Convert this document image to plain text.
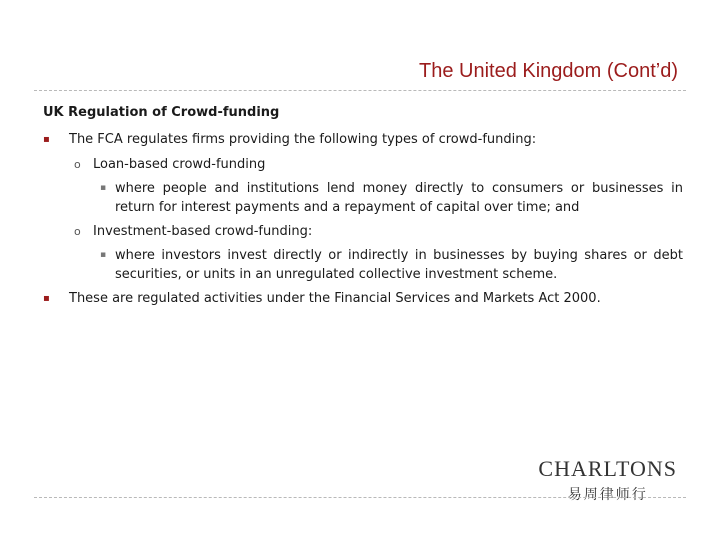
The United Kingdom (Cont’d)
UK Regulation of Crowd-funding
▪ The FCA regulates firms providing the following types of crowd-funding:
o Loan-based crowd-funding
▪ where people and institutions lend money directly to consumers or businesses in return for interest payments and a repayment of capital over time; and
o Investment-based crowd-funding:
▪ where investors invest directly or indirectly in businesses by buying shares or debt securities, or units in an unregulated collective investment scheme.
▪ These are regulated activities under the Financial Services and Markets Act 2000.
CHARLTONS
易周律师行
